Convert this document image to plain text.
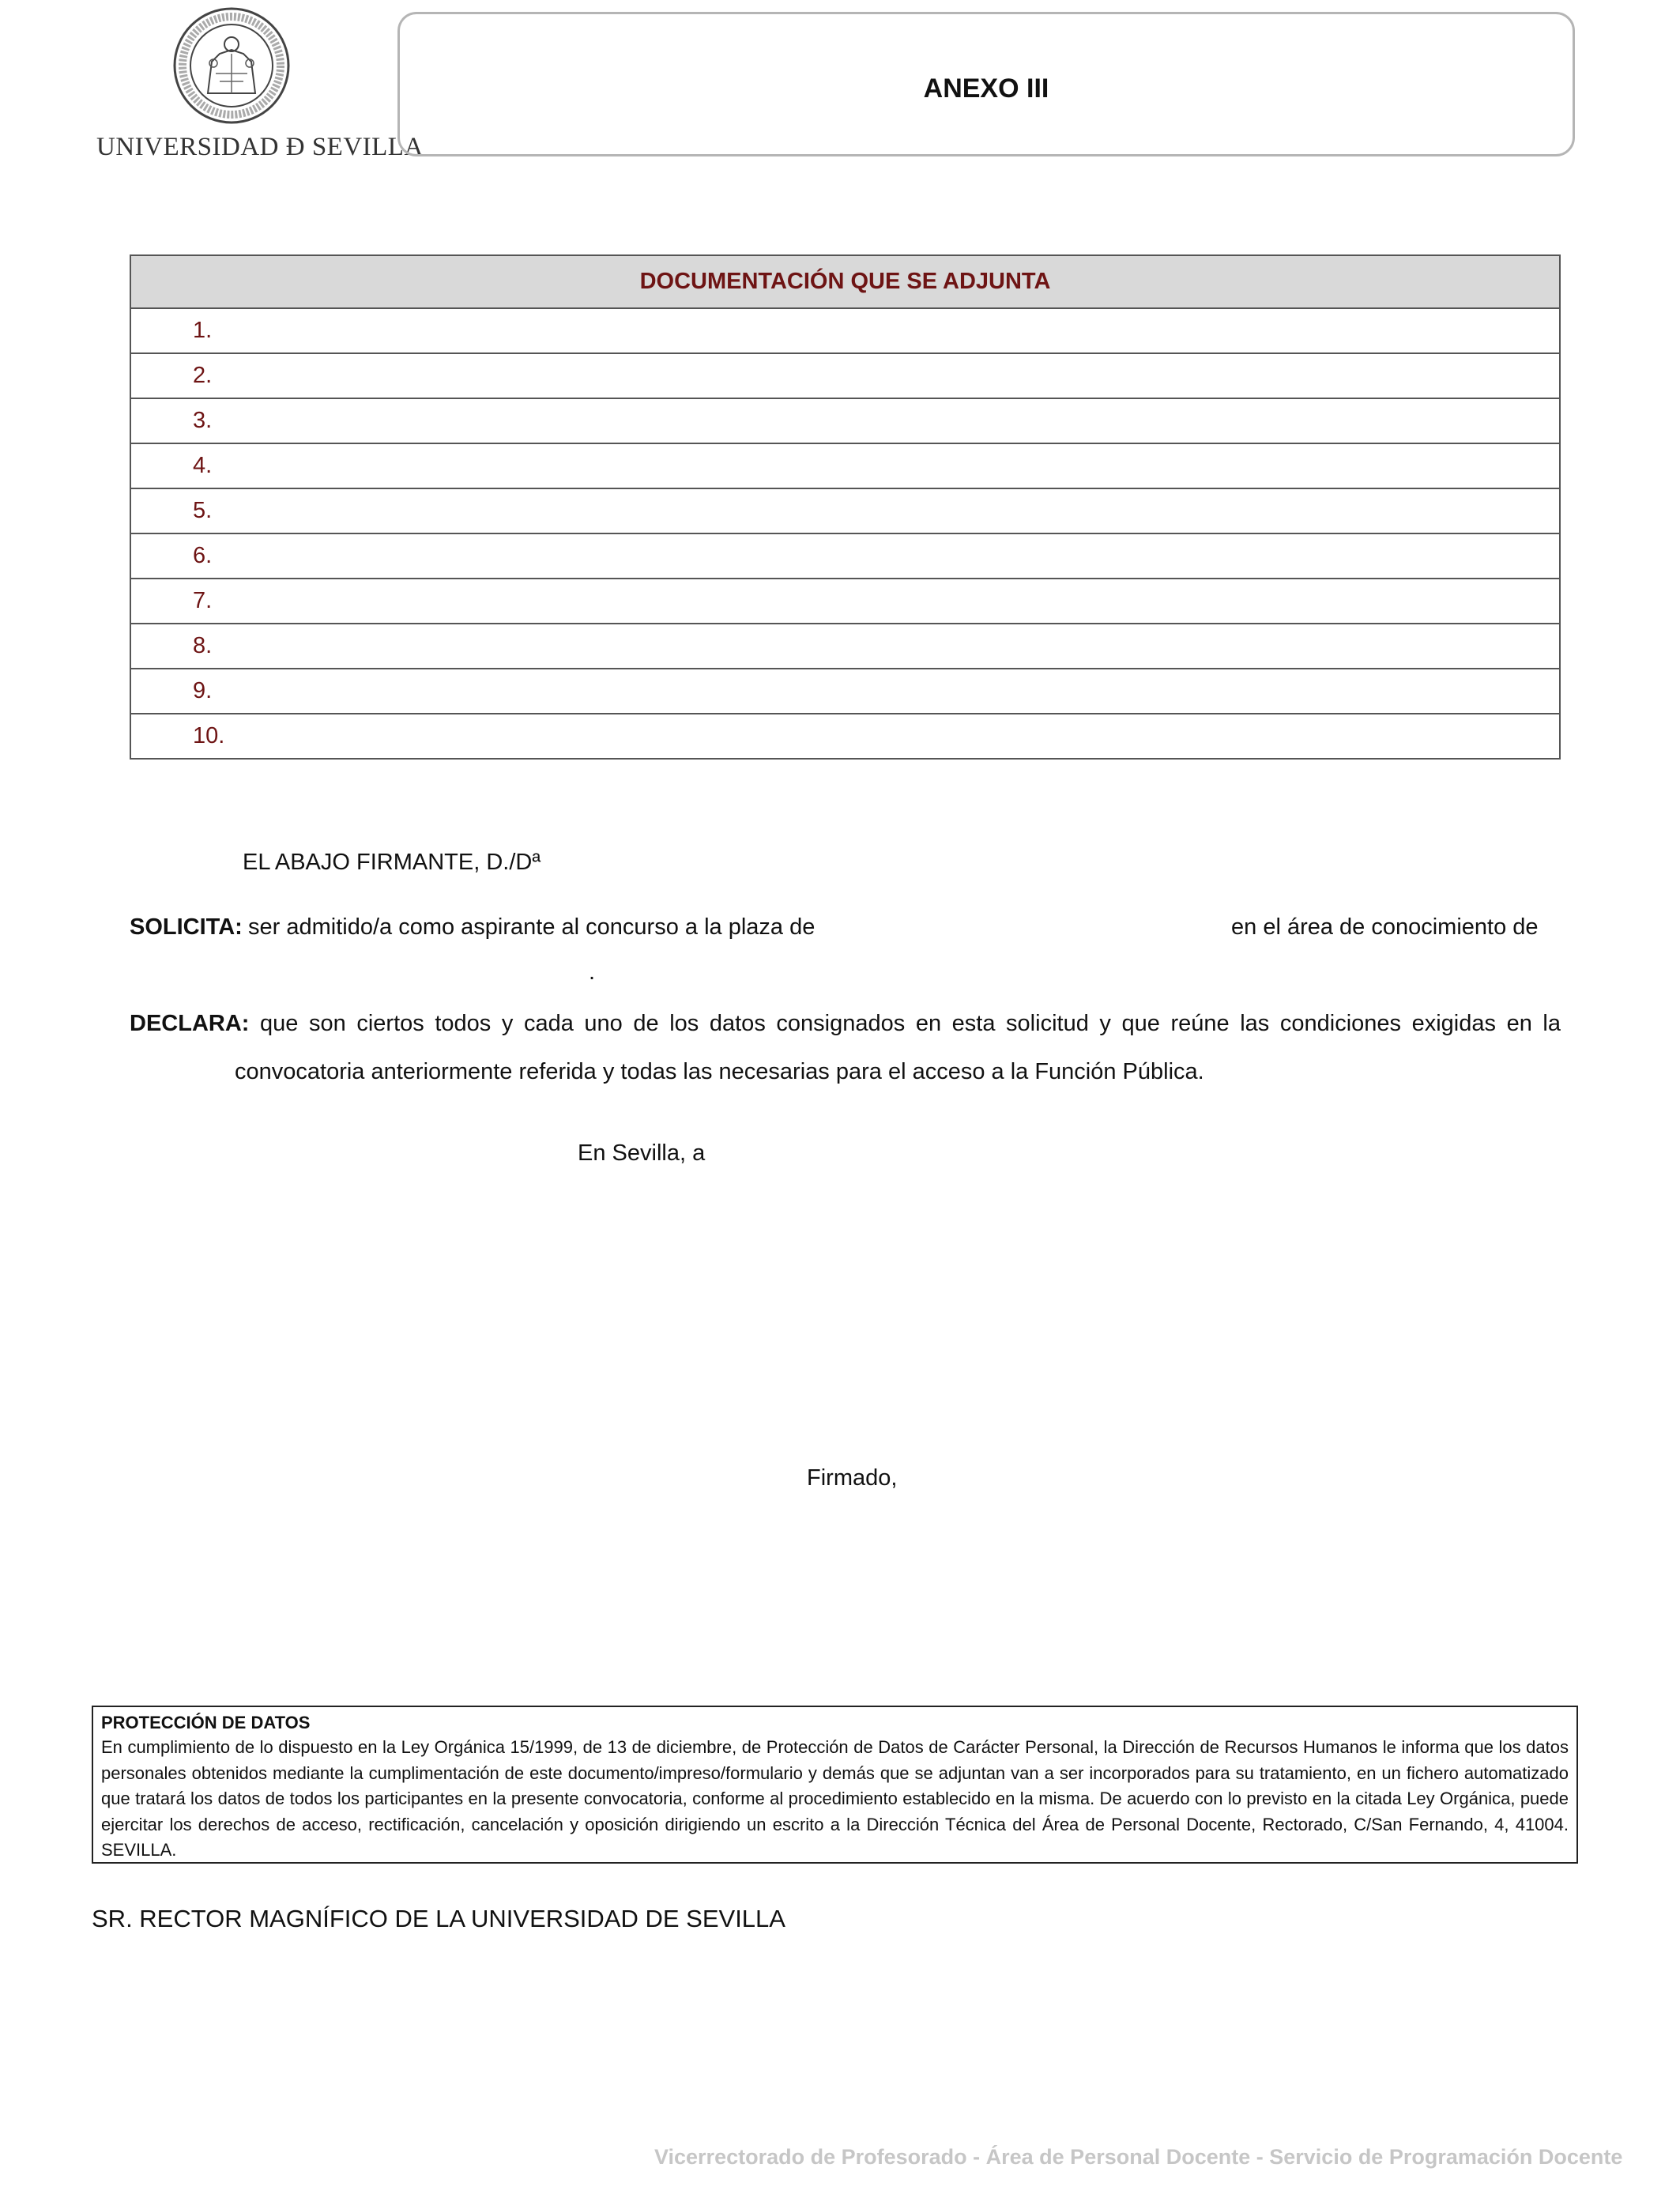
UNIVERSIDAD Ð SEVILLA
ANEXO III
DOCUMENTACIÓN QUE SE ADJUNTA
1.
2.
3.
4.
5.
6.
7.
8.
9.
10.
EL ABAJO FIRMANTE, D./Dª
SOLICITA: ser admitido/a como aspirante al concurso a la plaza de	en el área de conocimiento de
.
DECLARA: que son ciertos todos y cada uno de los datos consignados en esta solicitud y que reúne las condiciones exigidas en la
convocatoria anteriormente referida y todas las necesarias para el acceso a la Función Pública.
En Sevilla, a
Firmado,
PROTECCIÓN DE DATOS
En cumplimiento de lo dispuesto en la Ley Orgánica 15/1999, de 13 de diciembre, de Protección de Datos de Carácter Personal, la Dirección de Recursos Humanos le informa que los datos personales obtenidos mediante la cumplimentación de este documento/impreso/formulario y demás que se adjuntan van a ser incorporados para su tratamiento, en un fichero automatizado que tratará los datos de todos los participantes en la presente convocatoria, conforme al procedimiento establecido en la misma. De acuerdo con lo previsto en la citada Ley Orgánica, puede ejercitar los derechos de acceso, rectificación, cancelación y oposición dirigiendo un escrito a la Dirección Técnica del Área de Personal Docente, Rectorado, C/San Fernando, 4, 41004. SEVILLA.
SR. RECTOR MAGNÍFICO DE LA UNIVERSIDAD DE SEVILLA
Vicerrectorado de Profesorado - Área de Personal Docente - Servicio de Programación Docente
